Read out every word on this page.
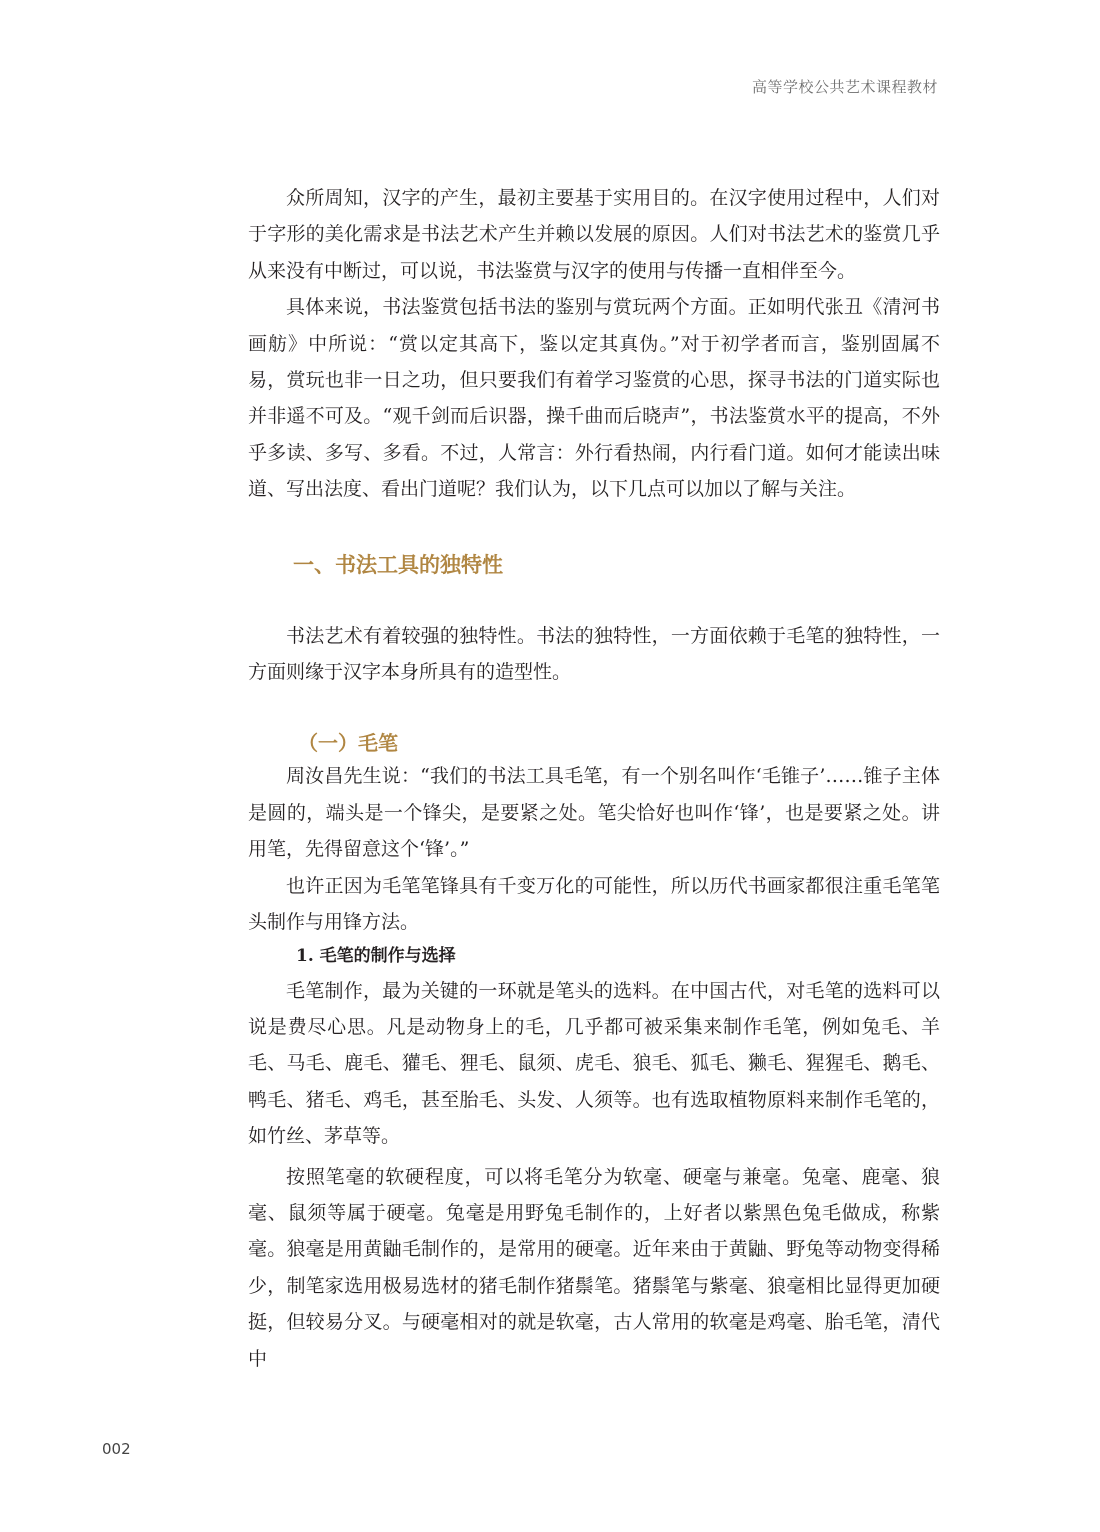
高等学校公共艺术课程教材

众所周知，汉字的产生，最初主要基于实用目的。在汉字使用过程中，人们对于字形的美化需求是书法艺术产生并赖以发展的原因。人们对书法艺术的鉴赏几乎从来没有中断过，可以说，书法鉴赏与汉字的使用与传播一直相伴至今。

具体来说，书法鉴赏包括书法的鉴别与赏玩两个方面。正如明代张丑《清河书画舫》中所说：“赏以定其高下，鉴以定其真伪。”对于初学者而言，鉴别固属不易，赏玩也非一日之功，但只要我们有着学习鉴赏的心思，探寻书法的门道实际也并非遥不可及。“观千剑而后识器，操千曲而后晓声”，书法鉴赏水平的提高，不外乎多读、多写、多看。不过，人常言：外行看热闹，内行看门道。如何才能读出味道、写出法度、看出门道呢？我们认为，以下几点可以加以了解与关注。

一、书法工具的独特性

书法艺术有着较强的独特性。书法的独特性，一方面依赖于毛笔的独特性，一方面则缘于汉字本身所具有的造型性。

（一）毛笔

周汝昌先生说：“我们的书法工具毛笔，有一个别名叫作‘毛锥子’……锥子主体是圆的，端头是一个锋尖，是要紧之处。笔尖恰好也叫作‘锋’，也是要紧之处。讲用笔，先得留意这个‘锋’。”

也许正因为毛笔笔锋具有千变万化的可能性，所以历代书画家都很注重毛笔笔头制作与用锋方法。

1. 毛笔的制作与选择

毛笔制作，最为关键的一环就是笔头的选料。在中国古代，对毛笔的选料可以说是费尽心思。凡是动物身上的毛，几乎都可被采集来制作毛笔，例如兔毛、羊毛、马毛、鹿毛、獾毛、狸毛、鼠须、虎毛、狼毛、狐毛、獭毛、猩猩毛、鹅毛、鸭毛、猪毛、鸡毛，甚至胎毛、头发、人须等。也有选取植物原料来制作毛笔的，如竹丝、茅草等。

按照笔毫的软硬程度，可以将毛笔分为软毫、硬毫与兼毫。兔毫、鹿毫、狼毫、鼠须等属于硬毫。兔毫是用野兔毛制作的，上好者以紫黑色兔毛做成，称紫毫。狼毫是用黄鼬毛制作的，是常用的硬毫。近年来由于黄鼬、野兔等动物变得稀少，制笔家选用极易选材的猪毛制作猪鬃笔。猪鬃笔与紫毫、狼毫相比显得更加硬挺，但较易分叉。与硬毫相对的就是软毫，古人常用的软毫是鸡毫、胎毛笔，清代中

002
